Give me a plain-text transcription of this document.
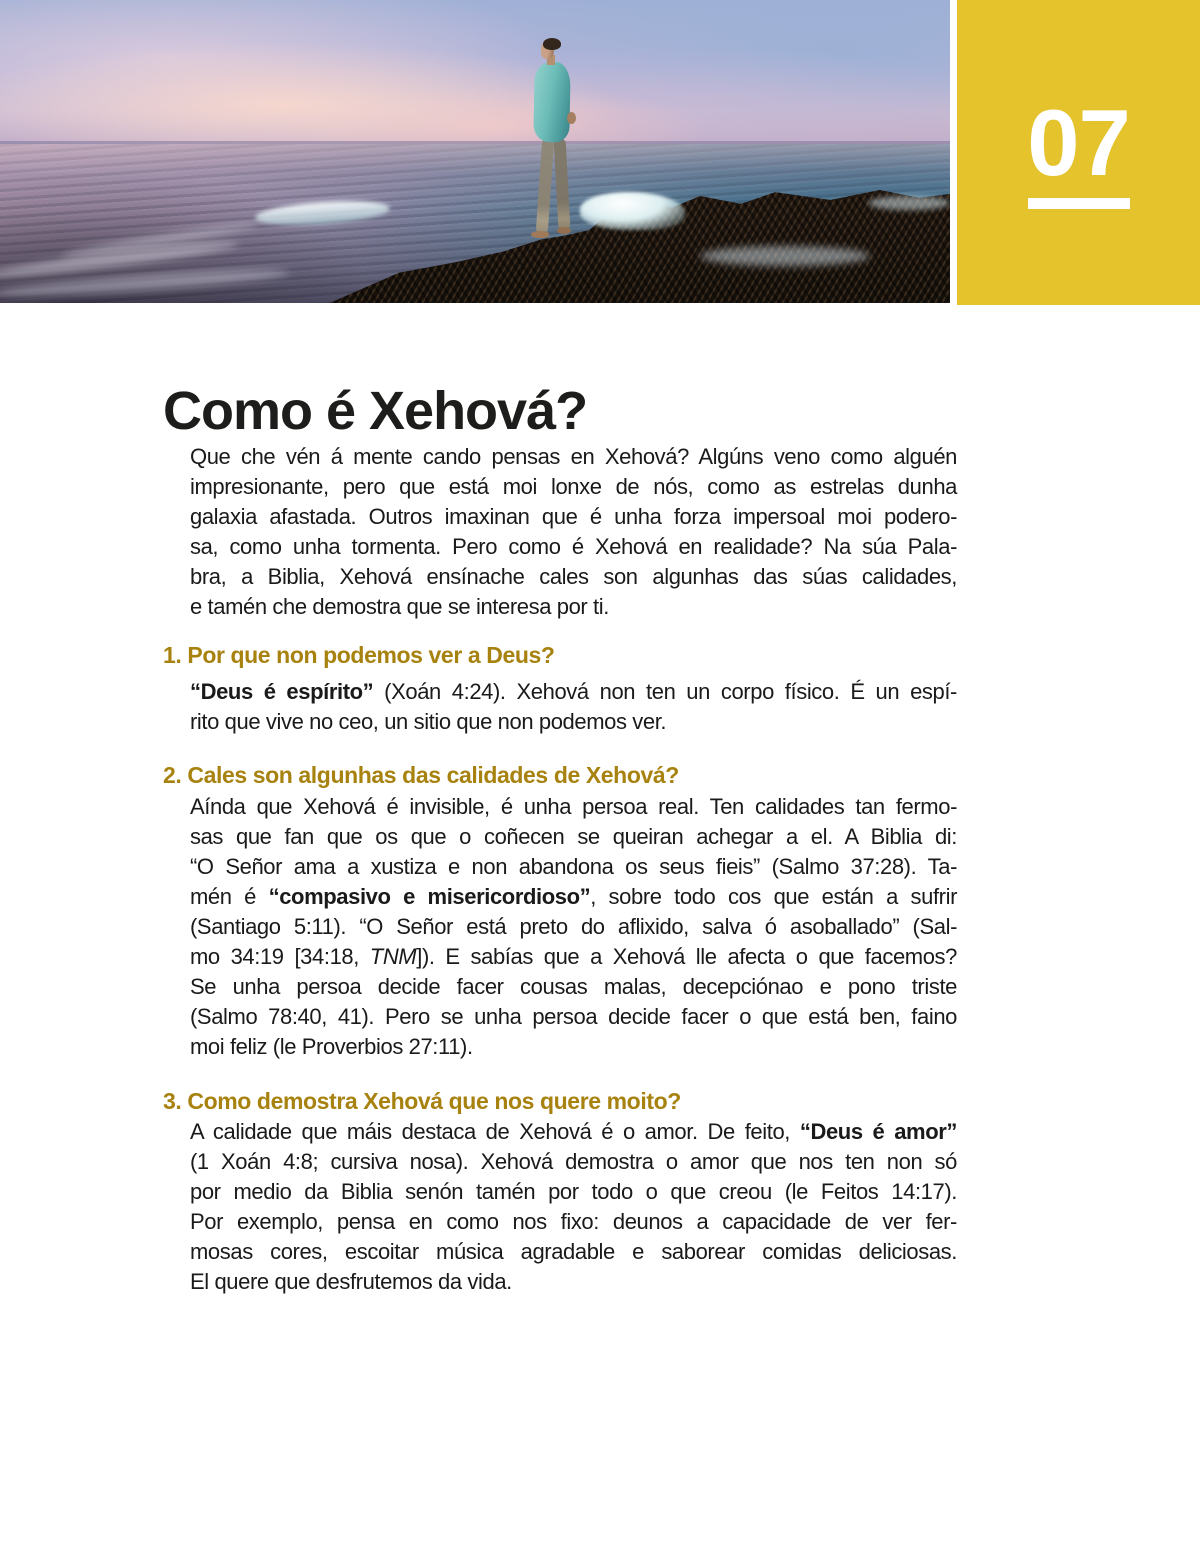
07
Como é Xehová?
Que che vén á mente cando pensas en Xehová? Algúns veno como alguén
impresionante, pero que está moi lonxe de nós, como as estrelas dunha
galaxia afastada. Outros imaxinan que é unha forza impersoal moi podero-
sa, como unha tormenta. Pero como é Xehová en realidade? Na súa Pala-
bra, a Biblia, Xehová ensínache cales son algunhas das súas calidades,
e tamén che demostra que se interesa por ti.
1. Por que non podemos ver a Deus?
“Deus é espírito” (Xoán 4:24). Xehová non ten un corpo físico. É un espí-
rito que vive no ceo, un sitio que non podemos ver.
2. Cales son algunhas das calidades de Xehová?
Aínda que Xehová é invisible, é unha persoa real. Ten calidades tan fermo-
sas que fan que os que o coñecen se queiran achegar a el. A Biblia di:
“O Señor ama a xustiza e non abandona os seus fieis” (Salmo 37:28). Ta-
mén é “compasivo e misericordioso”, sobre todo cos que están a sufrir
(Santiago 5:11). “O Señor está preto do aflixido, salva ó asoballado” (Sal-
mo 34:19 [34:18, TNM]). E sabías que a Xehová lle afecta o que facemos?
Se unha persoa decide facer cousas malas, decepciónao e pono triste
(Salmo 78:40, 41). Pero se unha persoa decide facer o que está ben, faino
moi feliz (le Proverbios 27:11).
3. Como demostra Xehová que nos quere moito?
A calidade que máis destaca de Xehová é o amor. De feito, “Deus é amor”
(1 Xoán 4:8; cursiva nosa). Xehová demostra o amor que nos ten non só
por medio da Biblia senón tamén por todo o que creou (le Feitos 14:17).
Por exemplo, pensa en como nos fixo: deunos a capacidade de ver fer-
mosas cores, escoitar música agradable e saborear comidas deliciosas.
El quere que desfrutemos da vida.
